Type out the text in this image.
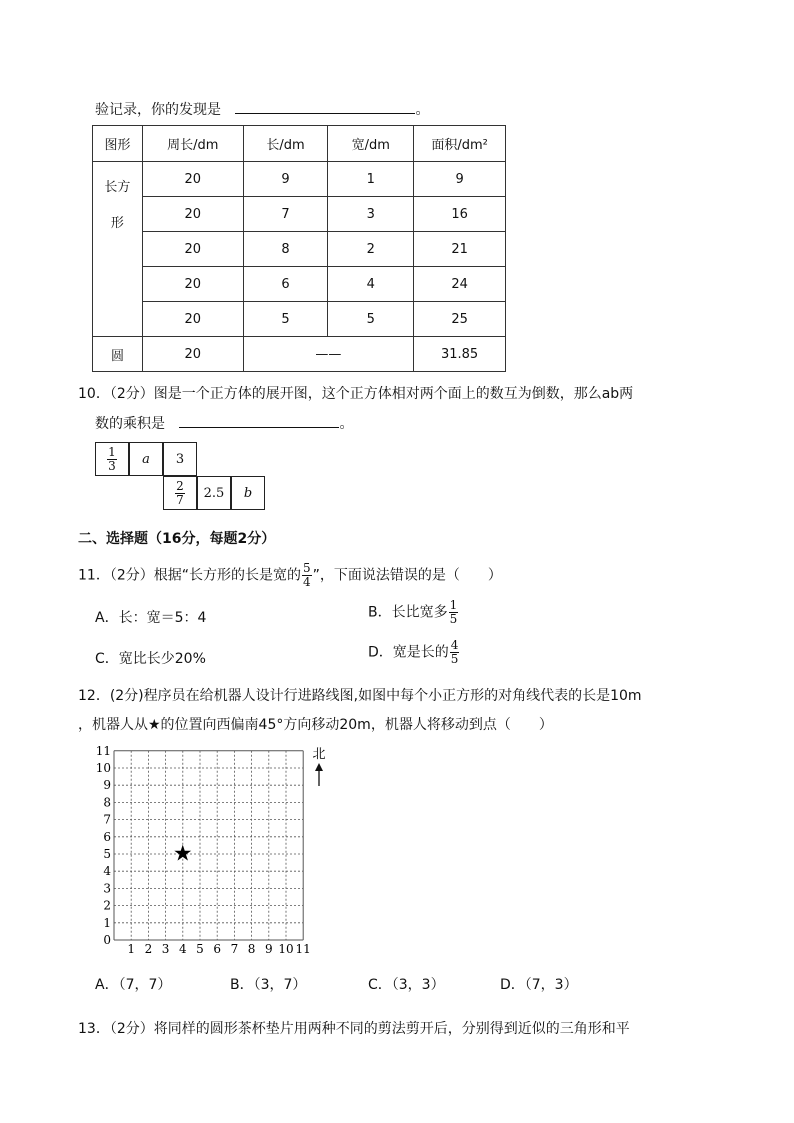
验记录，你的发现是	。
图形	周长/dm	长/dm	宽/dm	面积/dm²

长方形	20	9	1	9
	20	7	3	16
	20	8	2	21
	20	6	4	24
	20	5	5	25
圆	20	——		31.85
10．（2分）图是一个正方体的展开图，这个正方体相对两个面上的数互为倒数，那么ab两
数的乘积是	。
$\frac{1}{3}$	a	3
$\frac{2}{7}$	2.5	b
二、选择题（16分，每题2分）
11．（2分）根据“长方形的长是宽的 $\frac{5}{4}$ ”，下面说法错误的是（　　）
A．长：宽＝5：4	B．长比宽多 $\frac{1}{5}$
C．宽比长少20%	D．宽是长的 $\frac{4}{5}$
12．(2分)程序员在给机器人设计行进路线图,如图中每个小正方形的对角线代表的长是10m
，机器人从★的位置向西偏南45°方向移动20m，机器人将移动到点（　　）
0
1
2
3
4
5
6
7
8
9
10
11
1 2 3 4 5 6 7 8 9 10 11
★
北
A．（7，7）	B．（3，7）	C．（3，3）	D．（7，3）
13．（2分）将同样的圆形茶杯垫片用两种不同的剪法剪开后，分别得到近似的三角形和平
